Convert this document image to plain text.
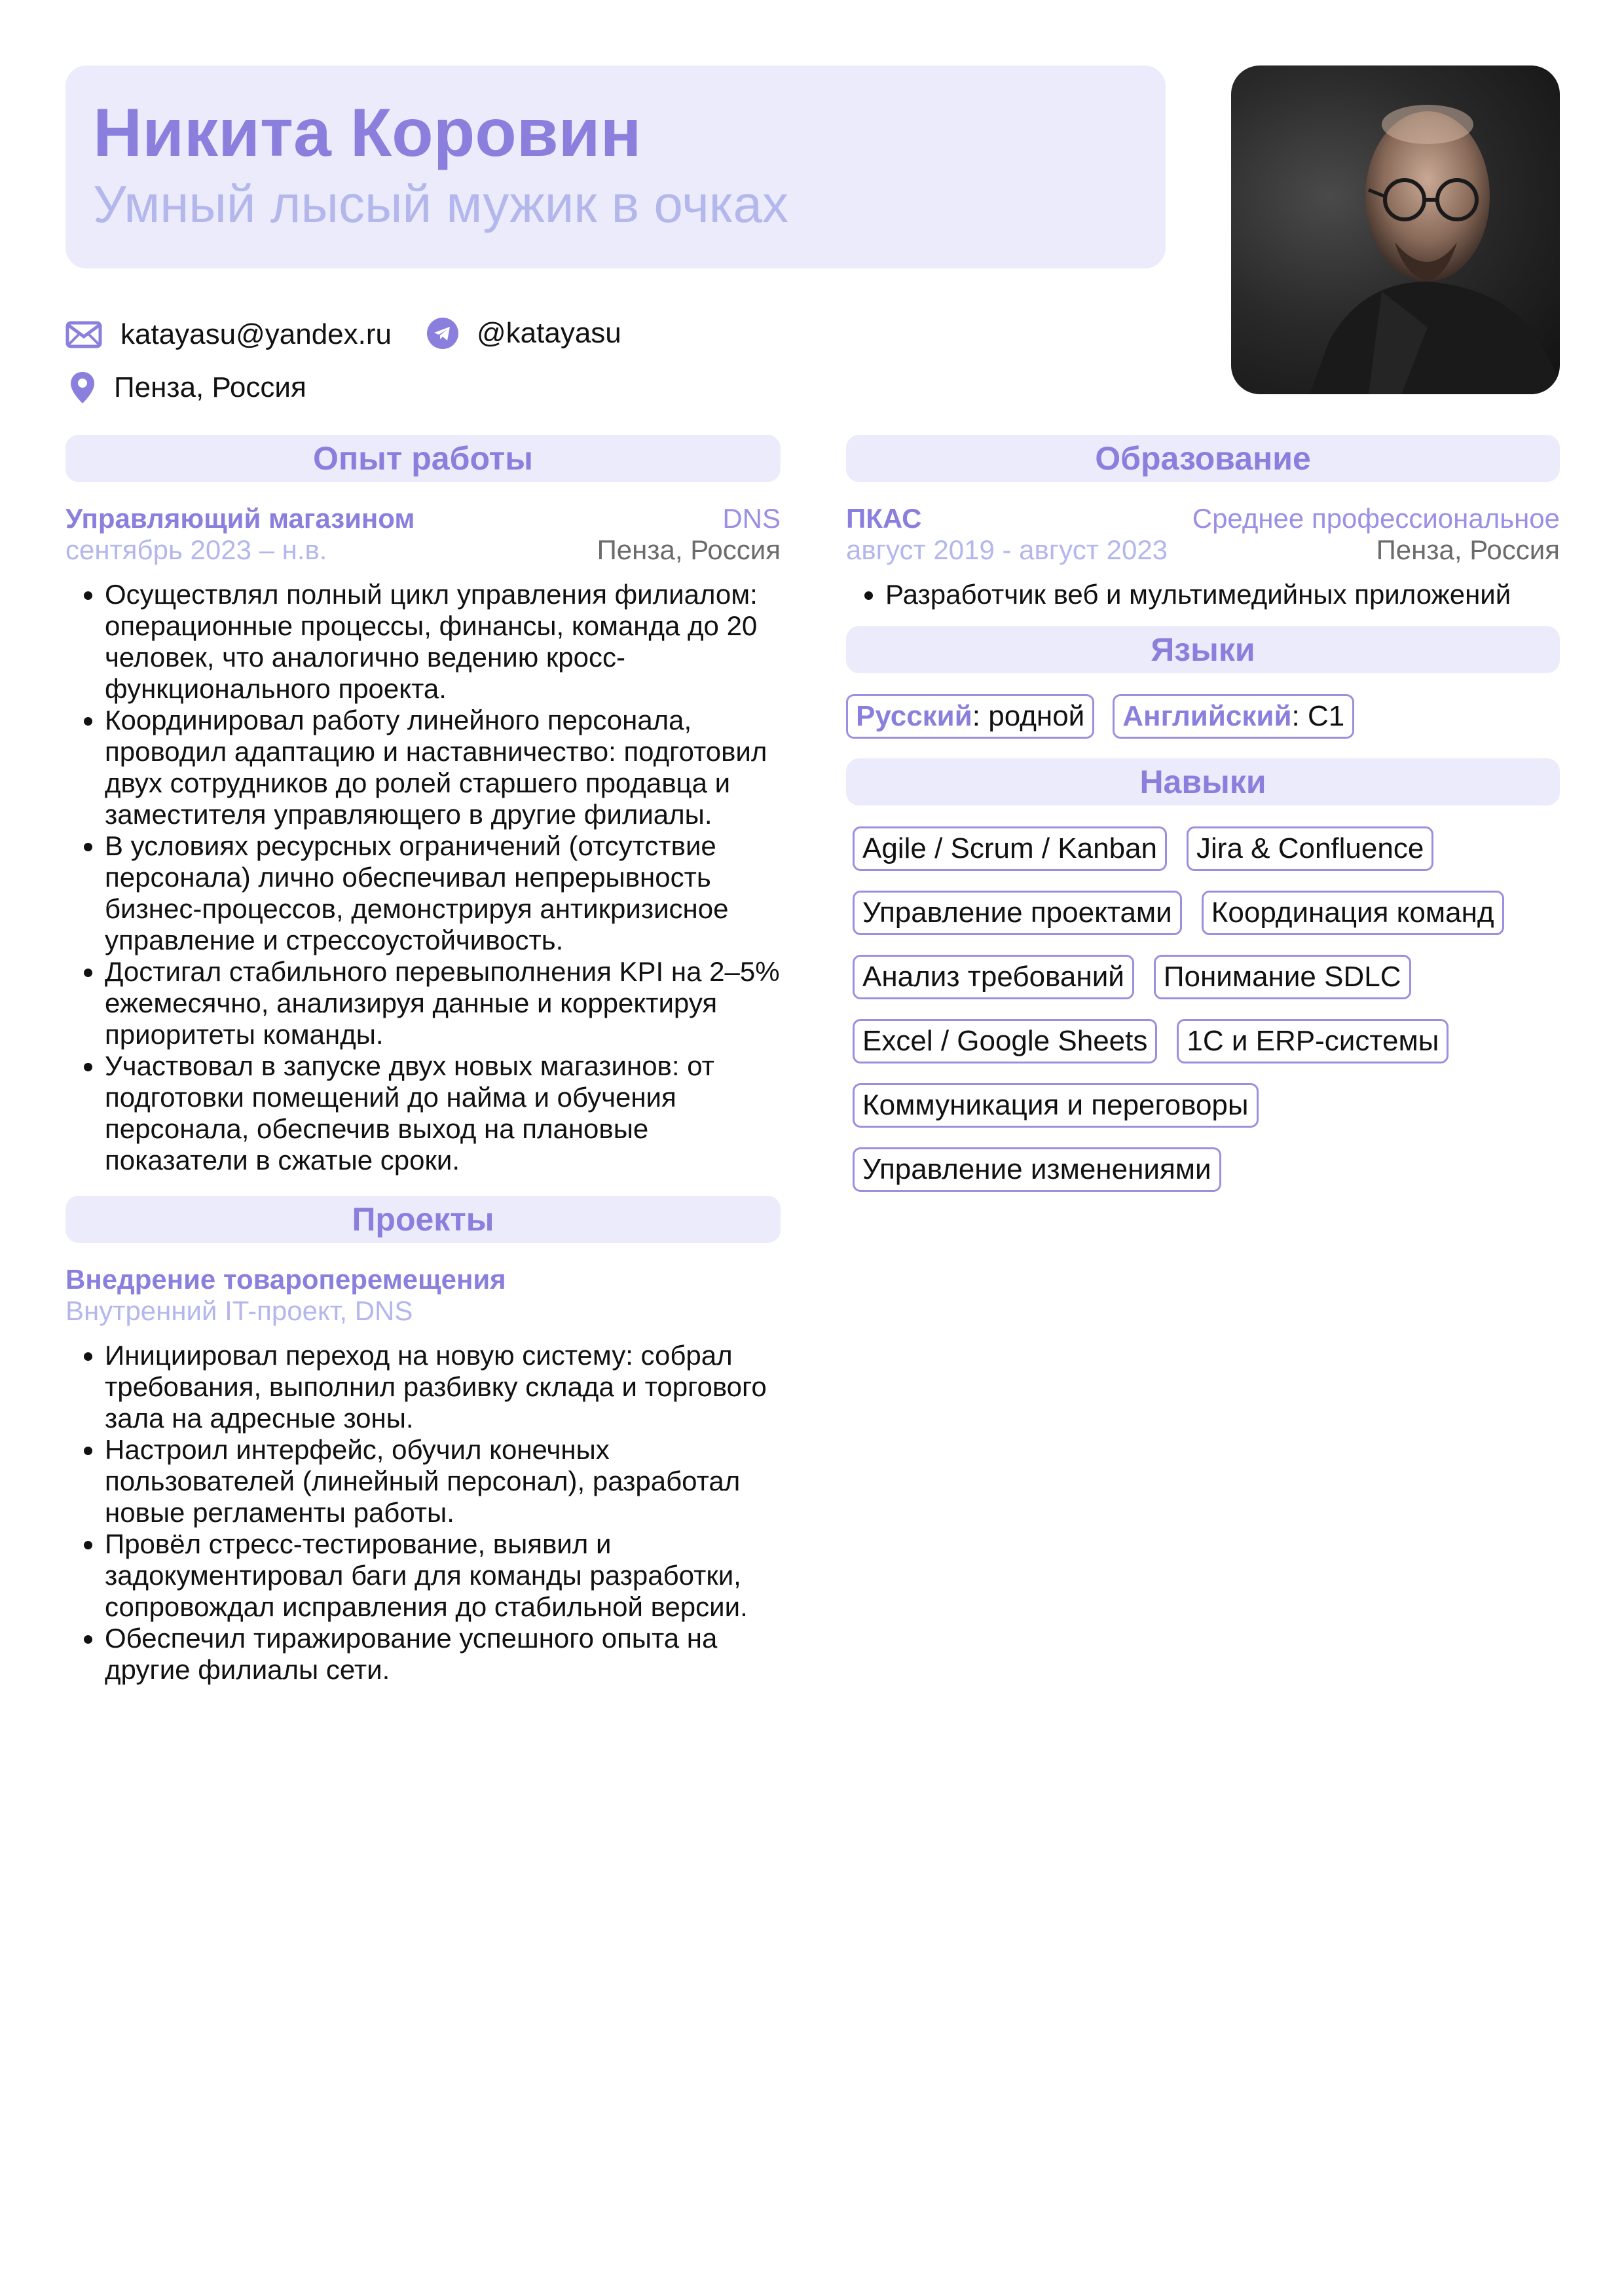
Никита Коровин
Умный лысый мужик в очках
katayasu@yandex.ru	@katayasu
Пенза, Россия
Опыт работы
Управляющий магазином	DNS
сентябрь 2023 – н.в.	Пенза, Россия
• Осуществлял полный цикл управления филиалом: операционные процессы, финансы, команда до 20 человек, что аналогично ведению кросс-функционального проекта.
• Координировал работу линейного персонала, проводил адаптацию и наставничество: подготовил двух сотрудников до ролей старшего продавца и заместителя управляющего в другие филиалы.
• В условиях ресурсных ограничений (отсутствие персонала) лично обеспечивал непрерывность бизнес-процессов, демонстрируя антикризисное управление и стрессоустойчивость.
• Достигал стабильного перевыполнения KPI на 2–5% ежемесячно, анализируя данные и корректируя приоритеты команды.
• Участвовал в запуске двух новых магазинов: от подготовки помещений до найма и обучения персонала, обеспечив выход на плановые показатели в сжатые сроки.
Проекты
Внедрение товароперемещения
Внутренний IT-проект, DNS
• Инициировал переход на новую систему: собрал требования, выполнил разбивку склада и торгового зала на адресные зоны.
• Настроил интерфейс, обучил конечных пользователей (линейный персонал), разработал новые регламенты работы.
• Провёл стресс-тестирование, выявил и задокументировал баги для команды разработки, сопровождал исправления до стабильной версии.
• Обеспечил тиражирование успешного опыта на другие филиалы сети.
Образование
ПКАС	Среднее профессиональное
август 2019 - август 2023	Пенза, Россия
• Разработчик веб и мультимедийных приложений
Языки
Русский: родной	Английский: C1
Навыки
Agile / Scrum / Kanban	Jira & Confluence
Управление проектами	Координация команд
Анализ требований	Понимание SDLC
Excel / Google Sheets	1С и ERP-системы
Коммуникация и переговоры
Управление изменениями
